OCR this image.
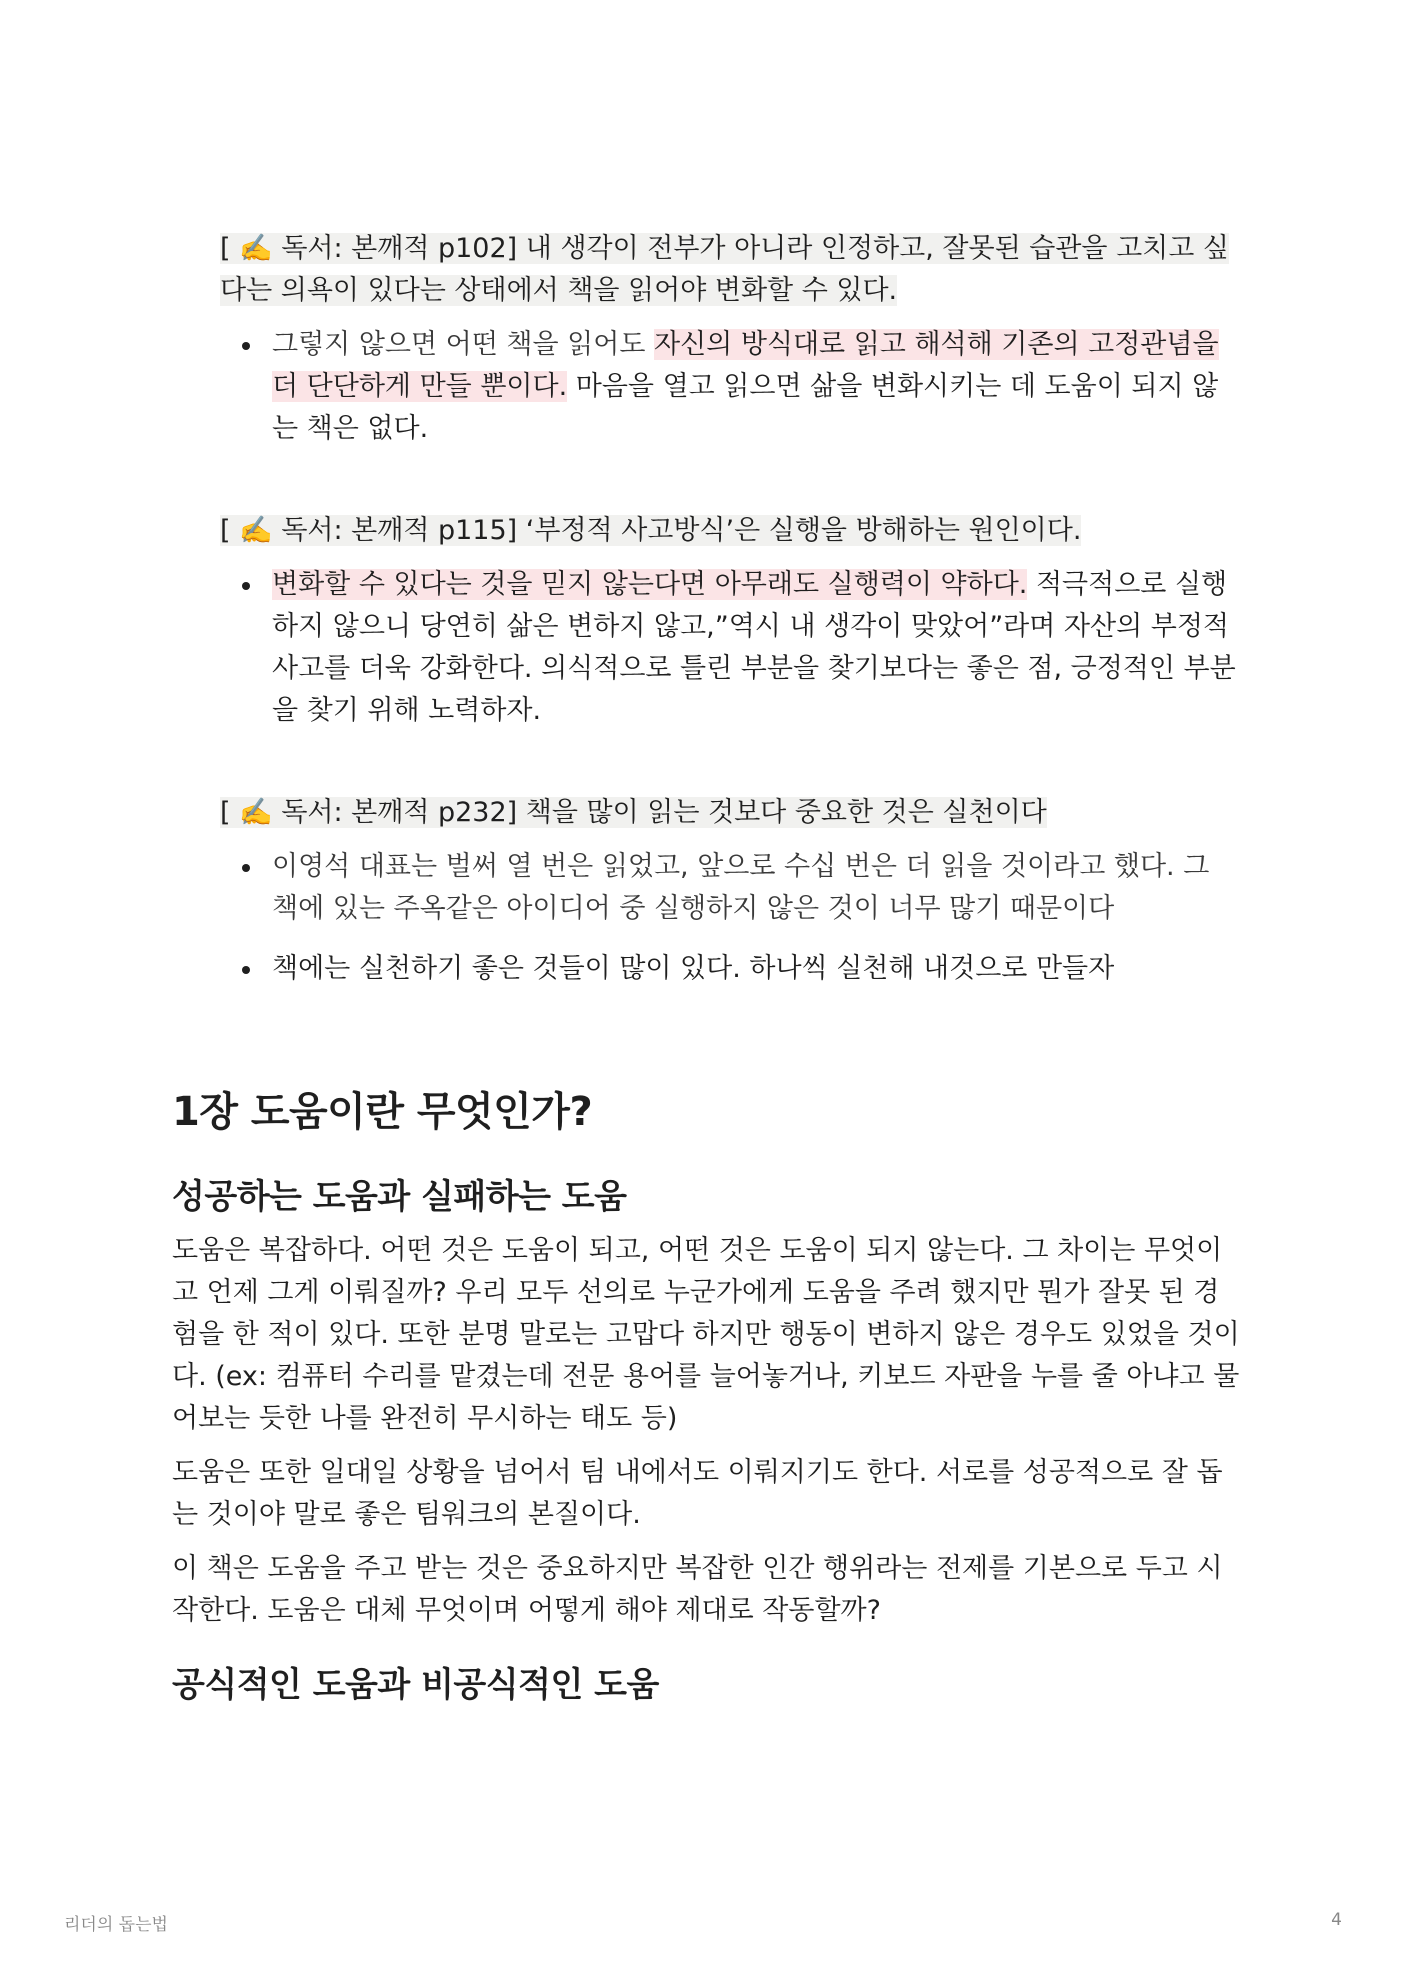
[ ✍️ 독서: 본깨적 p102] 내 생각이 전부가 아니라 인정하고, 잘못된 습관을 고치고 싶다는 의욕이 있다는 상태에서 책을 읽어야 변화할 수 있다.

그렇지 않으면 어떤 책을 읽어도 자신의 방식대로 읽고 해석해 기존의 고정관념을 더 단단하게 만들 뿐이다. 마음을 열고 읽으면 삶을 변화시키는 데 도움이 되지 않는 책은 없다.

[ ✍️ 독서: 본깨적 p115] ‘부정적 사고방식’은 실행을 방해하는 원인이다.

변화할 수 있다는 것을 믿지 않는다면 아무래도 실행력이 약하다. 적극적으로 실행하지 않으니 당연히 삶은 변하지 않고,”역시 내 생각이 맞았어”라며 자산의 부정적 사고를 더욱 강화한다. 의식적으로 틀린 부분을 찾기보다는 좋은 점, 긍정적인 부분을 찾기 위해 노력하자.

[ ✍️ 독서: 본깨적 p232] 책을 많이 읽는 것보다 중요한 것은 실천이다

이영석 대표는 벌써 열 번은 읽었고, 앞으로 수십 번은 더 읽을 것이라고 했다. 그 책에 있는 주옥같은 아이디어 중 실행하지 않은 것이 너무 많기 때문이다
책에는 실천하기 좋은 것들이 많이 있다. 하나씩 실천해 내것으로 만들자
1장 도움이란 무엇인가?
성공하는 도움과 실패하는 도움

도움은 복잡하다. 어떤 것은 도움이 되고, 어떤 것은 도움이 되지 않는다. 그 차이는 무엇이고 언제 그게 이뤄질까? 우리 모두 선의로 누군가에게 도움을 주려 했지만 뭔가 잘못 된 경험을 한 적이 있다. 또한 분명 말로는 고맙다 하지만 행동이 변하지 않은 경우도 있었을 것이다. (ex: 컴퓨터 수리를 맡겼는데 전문 용어를 늘어놓거나, 키보드 자판을 누를 줄 아냐고 물어보는 듯한 나를 완전히 무시하는 태도 등)

도움은 또한 일대일 상황을 넘어서 팀 내에서도 이뤄지기도 한다. 서로를 성공적으로 잘 돕는 것이야 말로 좋은 팀워크의 본질이다.

이 책은 도움을 주고 받는 것은 중요하지만 복잡한 인간 행위라는 전제를 기본으로 두고 시작한다. 도움은 대체 무엇이며 어떻게 해야 제대로 작동할까?

공식적인 도움과 비공식적인 도움
리더의 돕는법	4
